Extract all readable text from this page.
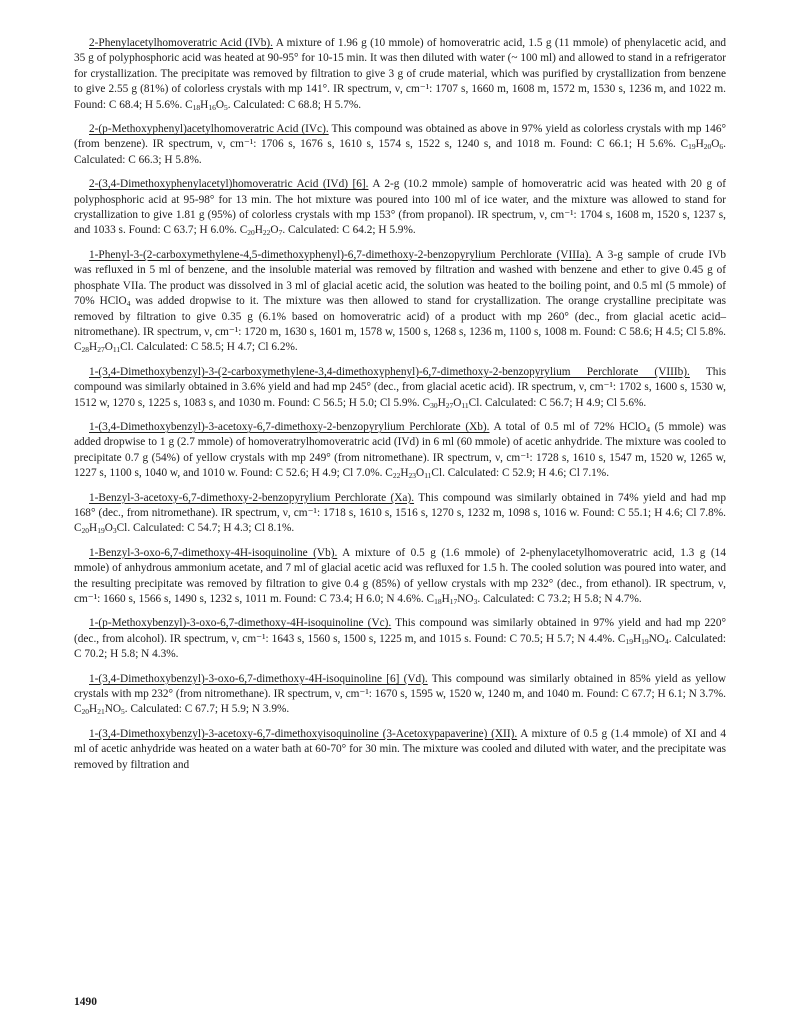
2-Phenylacetylhomoveratric Acid (IVb). A mixture of 1.96 g (10 mmole) of homoveratric acid, 1.5 g (11 mmole) of phenylacetic acid, and 35 g of polyphosphoric acid was heated at 90-95° for 10-15 min. It was then diluted with water (~ 100 ml) and allowed to stand in a refrigerator for crystallization. The precipitate was removed by filtration to give 3 g of crude material, which was purified by crystallization from benzene to give 2.55 g (81%) of colorless crystals with mp 141°. IR spectrum, ν, cm⁻¹: 1707 s, 1660 m, 1608 m, 1572 m, 1530 s, 1236 m, and 1022 m. Found: C 68.4; H 5.6%. $C_{18}H_{16}O_5$. Calculated: C 68.8; H 5.7%.

2-(p-Methoxyphenyl)acetylhomoveratric Acid (IVc). This compound was obtained as above in 97% yield as colorless crystals with mp 146° (from benzene). IR spectrum, ν, cm⁻¹: 1706 s, 1676 s, 1610 s, 1574 s, 1522 s, 1240 s, and 1018 m. Found: C 66.1; H 5.6%. $C_{19}H_{20}O_6$. Calculated: C 66.3; H 5.8%.

2-(3,4-Dimethoxyphenylacetyl)homoveratric Acid (IVd) [6]. A 2-g (10.2 mmole) sample of homoveratric acid was heated with 20 g of polyphosphoric acid at 95-98° for 13 min. The hot mixture was poured into 100 ml of ice water, and the mixture was allowed to stand for crystallization to give 1.81 g (95%) of colorless crystals with mp 153° (from propanol). IR spectrum, ν, cm⁻¹: 1704 s, 1608 m, 1520 s, 1237 s, and 1033 s. Found: C 63.7; H 6.0%. $C_{20}H_{22}O_7$. Calculated: C 64.2; H 5.9%.

1-Phenyl-3-(2-carboxymethylene-4,5-dimethoxyphenyl)-6,7-dimethoxy-2-benzopyrylium Perchlorate (VIIIa). A 3-g sample of crude IVb was refluxed in 5 ml of benzene, and the insoluble material was removed by filtration and washed with benzene and ether to give 0.45 g of phosphate VIIa. The product was dissolved in 3 ml of glacial acetic acid, the solution was heated to the boiling point, and 0.5 ml (5 mmole) of 70% HClO$_4$ was added dropwise to it. The mixture was then allowed to stand for crystallization. The orange crystalline precipitate was removed by filtration to give 0.35 g (6.1% based on homoveratric acid) of a product with mp 260° (dec., from glacial acetic acid–nitromethane). IR spectrum, ν, cm⁻¹: 1720 m, 1630 s, 1601 m, 1578 w, 1500 s, 1268 s, 1236 m, 1100 s, 1008 m. Found: C 58.6; H 4.5; Cl 5.8%. $C_{28}H_{27}O_{11}Cl$. Calculated: C 58.5; H 4.7; Cl 6.2%.

1-(3,4-Dimethoxybenzyl)-3-(2-carboxymethylene-3,4-dimethoxyphenyl)-6,7-dimethoxy-2-benzopyrylium Perchlorate (VIIIb). This compound was similarly obtained in 3.6% yield and had mp 245° (dec., from glacial acetic acid). IR spectrum, ν, cm⁻¹: 1702 s, 1600 s, 1530 w, 1512 w, 1270 s, 1225 s, 1083 s, and 1030 m. Found: C 56.5; H 5.0; Cl 5.9%. $C_{30}H_{27}O_{11}Cl$. Calculated: C 56.7; H 4.9; Cl 5.6%.

1-(3,4-Dimethoxybenzyl)-3-acetoxy-6,7-dimethoxy-2-benzopyrylium Perchlorate (Xb). A total of 0.5 ml of 72% HClO$_4$ (5 mmole) was added dropwise to 1 g (2.7 mmole) of homoveratrylhomoveratric acid (IVd) in 6 ml (60 mmole) of acetic anhydride. The mixture was cooled to precipitate 0.7 g (54%) of yellow crystals with mp 249° (from nitromethane). IR spectrum, ν, cm⁻¹: 1728 s, 1610 s, 1547 m, 1520 w, 1265 w, 1227 s, 1100 s, 1040 w, and 1010 w. Found: C 52.6; H 4.9; Cl 7.0%. $C_{22}H_{23}O_{11}Cl$. Calculated: C 52.9; H 4.6; Cl 7.1%.

1-Benzyl-3-acetoxy-6,7-dimethoxy-2-benzopyrylium Perchlorate (Xa). This compound was similarly obtained in 74% yield and had mp 168° (dec., from nitromethane). IR spectrum, ν, cm⁻¹: 1718 s, 1610 s, 1516 s, 1270 s, 1232 m, 1098 s, 1016 w. Found: C 55.1; H 4.6; Cl 7.8%. $C_{20}H_{19}O_3Cl$. Calculated: C 54.7; H 4.3; Cl 8.1%.

1-Benzyl-3-oxo-6,7-dimethoxy-4H-isoquinoline (Vb). A mixture of 0.5 g (1.6 mmole) of 2-phenylacetylhomoveratric acid, 1.3 g (14 mmole) of anhydrous ammonium acetate, and 7 ml of glacial acetic acid was refluxed for 1.5 h. The cooled solution was poured into water, and the resulting precipitate was removed by filtration to give 0.4 g (85%) of yellow crystals with mp 232° (dec., from ethanol). IR spectrum, ν, cm⁻¹: 1660 s, 1566 s, 1490 s, 1232 s, 1011 m. Found: C 73.4; H 6.0; N 4.6%. $C_{18}H_{17}NO_3$. Calculated: C 73.2; H 5.8; N 4.7%.

1-(p-Methoxybenzyl)-3-oxo-6,7-dimethoxy-4H-isoquinoline (Vc). This compound was similarly obtained in 97% yield and had mp 220° (dec., from alcohol). IR spectrum, ν, cm⁻¹: 1643 s, 1560 s, 1500 s, 1225 m, and 1015 s. Found: C 70.5; H 5.7; N 4.4%. $C_{19}H_{19}NO_4$. Calculated: C 70.2; H 5.8; N 4.3%.

1-(3,4-Dimethoxybenzyl)-3-oxo-6,7-dimethoxy-4H-isoquinoline [6] (Vd). This compound was similarly obtained in 85% yield as yellow crystals with mp 232° (from nitromethane). IR spectrum, ν, cm⁻¹: 1670 s, 1595 w, 1520 w, 1240 m, and 1040 m. Found: C 67.7; H 6.1; N 3.7%. $C_{20}H_{21}NO_5$. Calculated: C 67.7; H 5.9; N 3.9%.

1-(3,4-Dimethoxybenzyl)-3-acetoxy-6,7-dimethoxyisoquinoline (3-Acetoxypapaverine) (XII). A mixture of 0.5 g (1.4 mmole) of XI and 4 ml of acetic anhydride was heated on a water bath at 60-70° for 30 min. The mixture was cooled and diluted with water, and the precipitate was removed by filtration and

1490
